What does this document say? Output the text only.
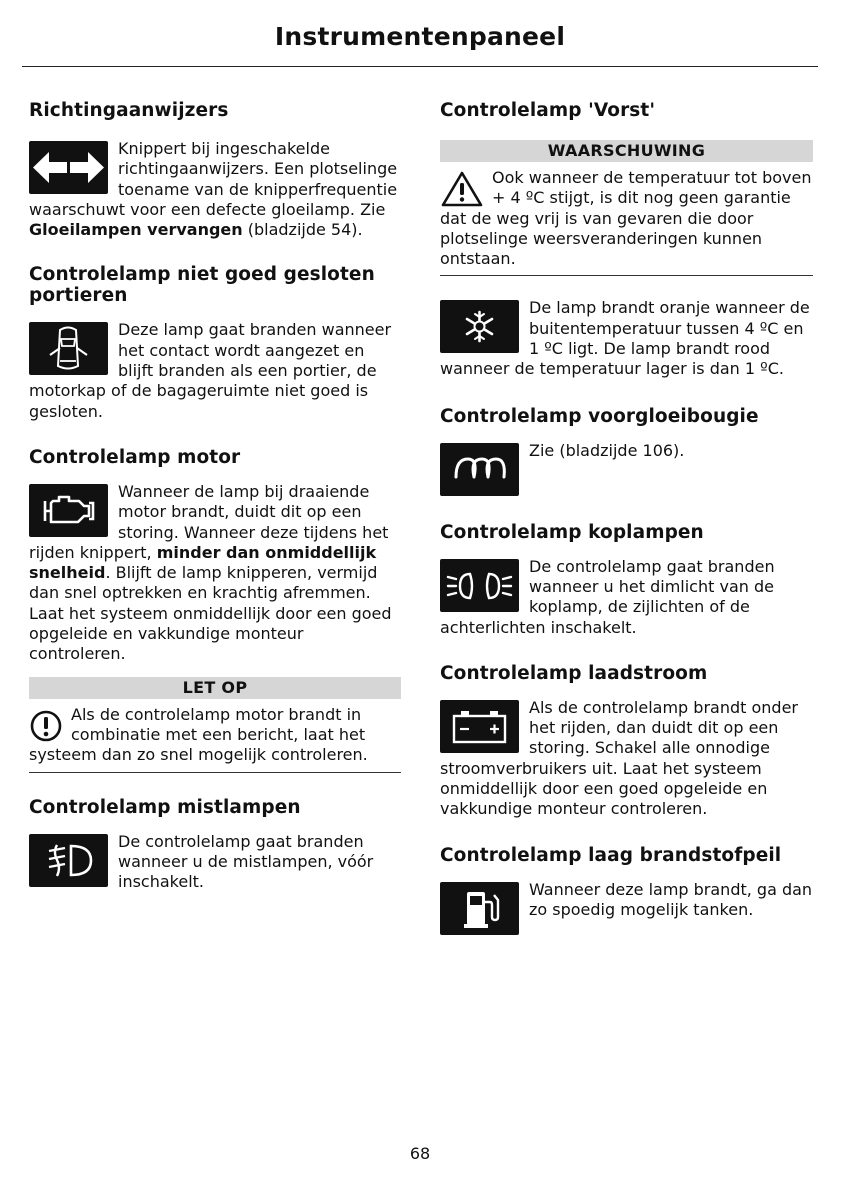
Instrumentenpaneel
Richtingaanwijzers

Knippert bij ingeschakelde richtingaanwijzers. Een plotselinge toename van de knipperfrequentie waarschuwt voor een defecte gloeilamp. Zie Gloeilampen vervangen (bladzijde 54).

Controlelamp niet goed gesloten portieren

Deze lamp gaat branden wanneer het contact wordt aangezet en blijft branden als een portier, de motorkap of de bagageruimte niet goed is gesloten.

Controlelamp motor

Wanneer de lamp bij draaiende motor brandt, duidt dit op een storing. Wanneer deze tijdens het rijden knippert, minder dan onmiddellijk snelheid. Blijft de lamp knipperen, vermijd dan snel optrekken en krachtig afremmen. Laat het systeem onmiddellijk door een goed opgeleide en vakkundige monteur controleren.

LET OP

Als de controlelamp motor brandt in combinatie met een bericht, laat het systeem dan zo snel mogelijk controleren.

Controlelamp mistlampen

De controlelamp gaat branden wanneer u de mistlampen, vóór inschakelt.

Controlelamp 'Vorst'
WAARSCHUWING

Ook wanneer de temperatuur tot boven + 4 ºC stijgt, is dit nog geen garantie dat de weg vrij is van gevaren die door plotselinge weersveranderingen kunnen ontstaan.

De lamp brandt oranje wanneer de buitentemperatuur tussen 4 ºC en 1 ºC ligt. De lamp brandt rood wanneer de temperatuur lager is dan 1 ºC.

Controlelamp voorgloeibougie

Zie (bladzijde 106).

Controlelamp koplampen

De controlelamp gaat branden wanneer u het dimlicht van de koplamp, de zijlichten of de achterlichten inschakelt.

Controlelamp laadstroom

Als de controlelamp brandt onder het rijden, dan duidt dit op een storing. Schakel alle onnodige stroomverbruikers uit. Laat het systeem onmiddellijk door een goed opgeleide en vakkundige monteur controleren.

Controlelamp laag brandstofpeil

Wanneer deze lamp brandt, ga dan zo spoedig mogelijk tanken.

68
